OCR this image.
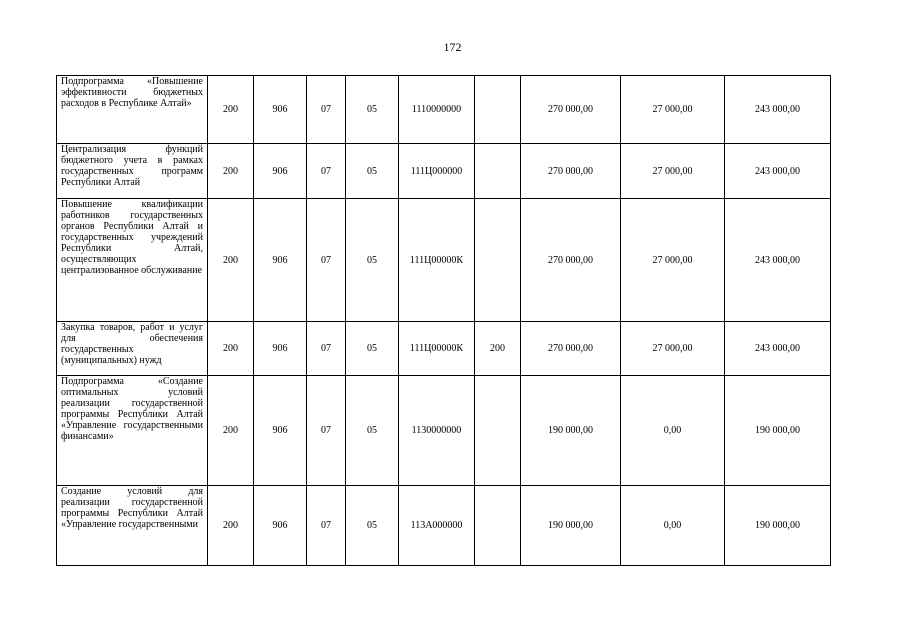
172
Подпрограмма «Повышение эффективности бюджетных расходов в Республике Алтай»	200	906	07	05	1110000000		270 000,00	27 000,00	243 000,00
Централизация функций бюджетного учета в рамках государственных программ Республики Алтай	200	906	07	05	111Ц000000		270 000,00	27 000,00	243 000,00
Повышение квалификации работников государственных органов Республики Алтай и государственных учреждений Республики Алтай, осуществляющих централизованное обслуживание	200	906	07	05	111Ц00000К		270 000,00	27 000,00	243 000,00
Закупка товаров, работ и услуг для обеспечения государственных (муниципальных) нужд	200	906	07	05	111Ц00000К	200	270 000,00	27 000,00	243 000,00
Подпрограмма «Создание оптимальных условий реализации государственной программы Республики Алтай «Управление государственными финансами»	200	906	07	05	1130000000		190 000,00	0,00	190 000,00
Создание условий для реализации государственной программы Республики Алтай «Управление государственными	200	906	07	05	113А000000		190 000,00	0,00	190 000,00
